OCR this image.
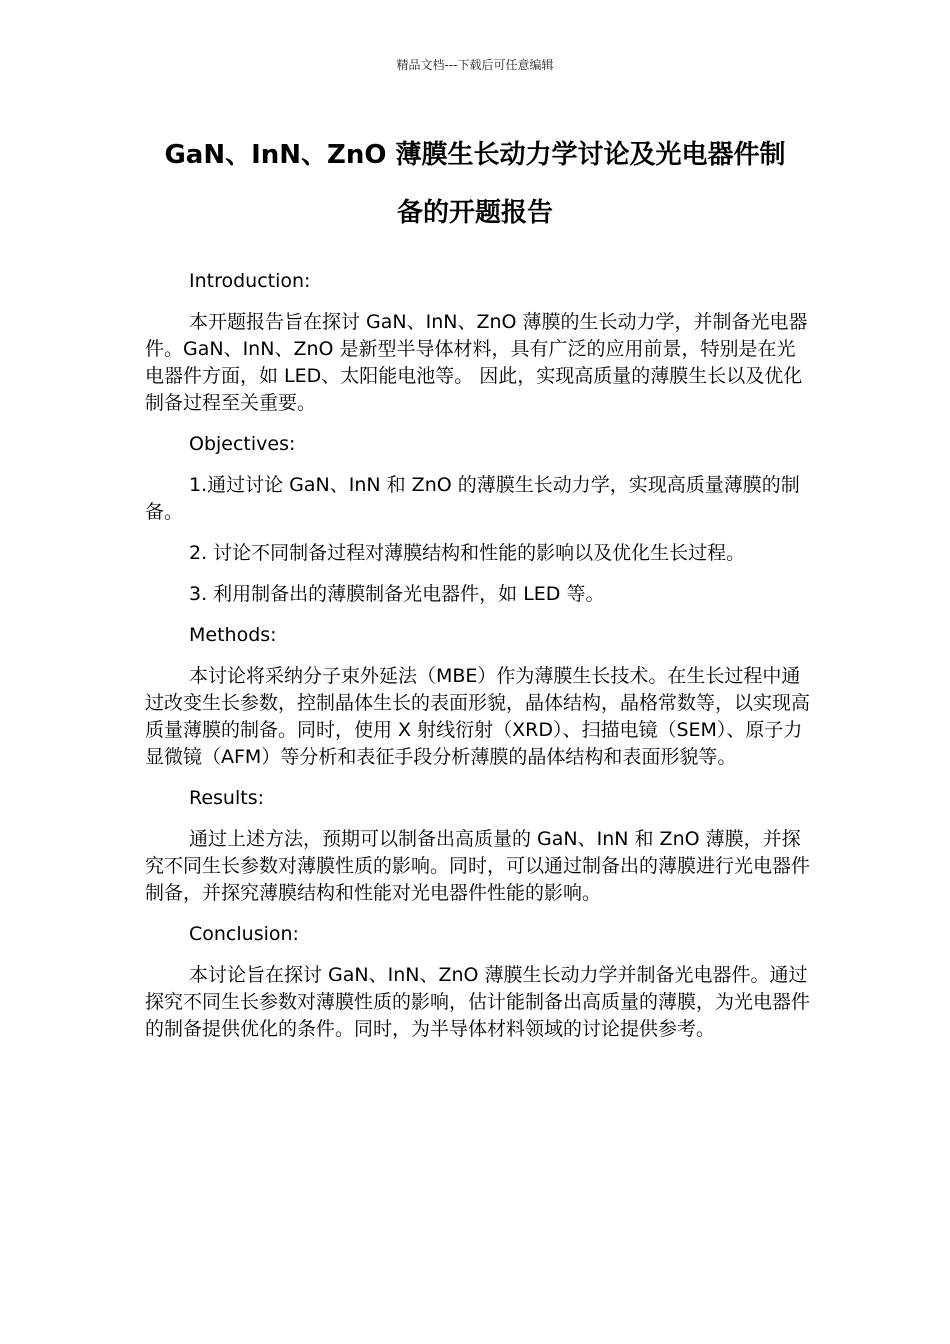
精品文档---下载后可任意编辑
GaN、InN、ZnO 薄膜生长动力学讨论及光电器件制
备的开题报告

Introduction:

本开题报告旨在探讨 GaN、InN、ZnO 薄膜的生长动力学，并制备光电器件。GaN、InN、ZnO 是新型半导体材料，具有广泛的应用前景，特别是在光电器件方面，如 LED、太阳能电池等。 因此，实现高质量的薄膜生长以及优化制备过程至关重要。

Objectives:

1.通过讨论 GaN、InN 和 ZnO 的薄膜生长动力学，实现高质量薄膜的制备。

2. 讨论不同制备过程对薄膜结构和性能的影响以及优化生长过程。

3. 利用制备出的薄膜制备光电器件，如 LED 等。

Methods:

本讨论将采纳分子束外延法（MBE）作为薄膜生长技术。在生长过程中通过改变生长参数，控制晶体生长的表面形貌，晶体结构，晶格常数等，以实现高质量薄膜的制备。同时，使用 X 射线衍射（XRD）、扫描电镜（SEM）、原子力显微镜（AFM）等分析和表征手段分析薄膜的晶体结构和表面形貌等。

Results:

通过上述方法，预期可以制备出高质量的 GaN、InN 和 ZnO 薄膜，并探究不同生长参数对薄膜性质的影响。同时，可以通过制备出的薄膜进行光电器件制备，并探究薄膜结构和性能对光电器件性能的影响。

Conclusion:

本讨论旨在探讨 GaN、InN、ZnO 薄膜生长动力学并制备光电器件。通过探究不同生长参数对薄膜性质的影响，估计能制备出高质量的薄膜，为光电器件的制备提供优化的条件。同时，为半导体材料领域的讨论提供参考。
